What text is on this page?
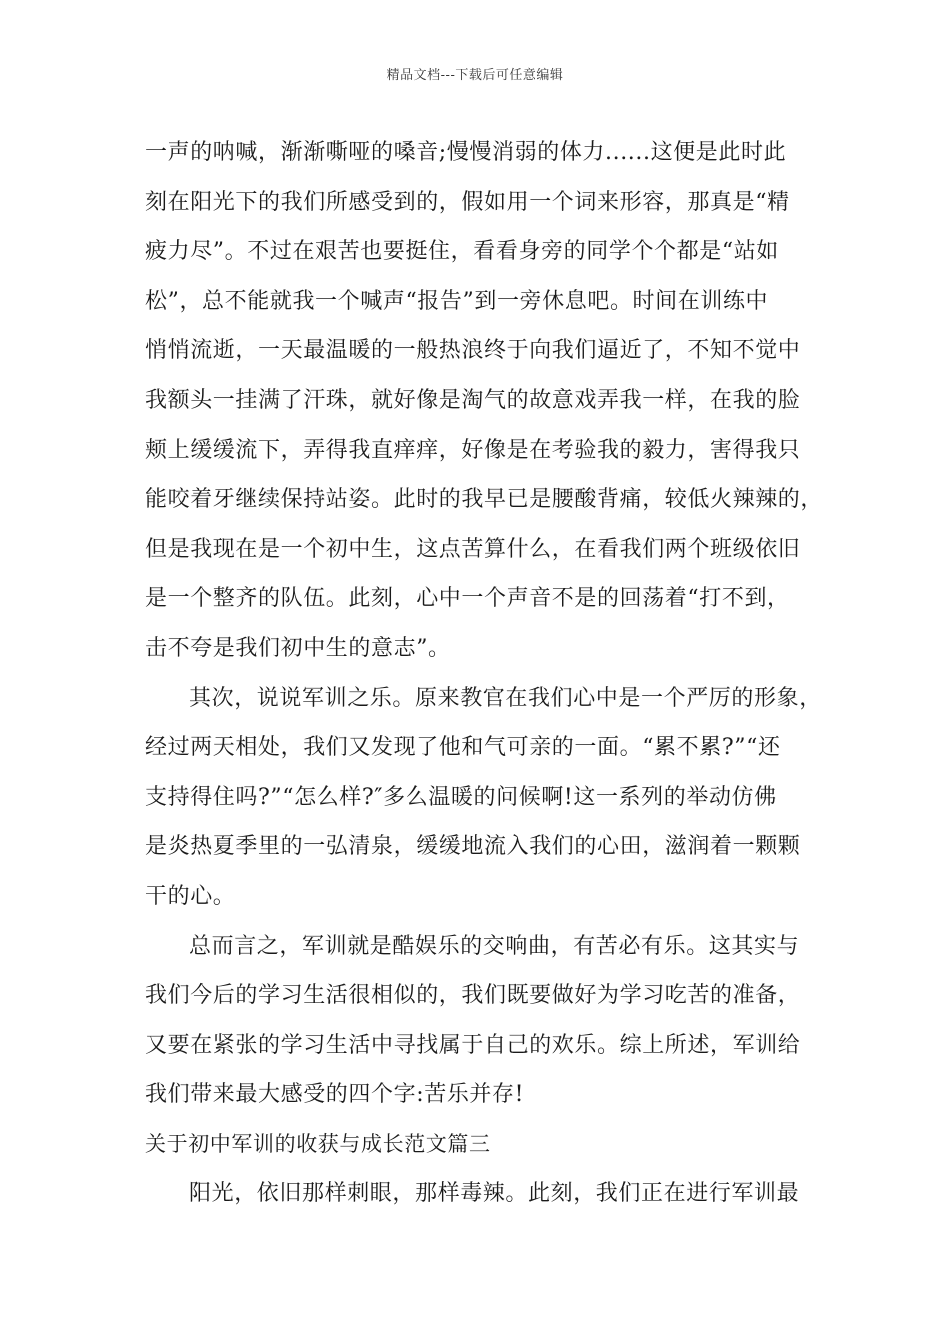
精品文档---下载后可任意编辑
一声的呐喊，渐渐嘶哑的嗓音;慢慢消弱的体力......这便是此时此
刻在阳光下的我们所感受到的，假如用一个词来形容，那真是“精
疲力尽”。不过在艰苦也要挺住，看看身旁的同学个个都是“站如
松”，总不能就我一个喊声“报告”到一旁休息吧。时间在训练中
悄悄流逝，一天最温暖的一般热浪终于向我们逼近了，不知不觉中
我额头一挂满了汗珠，就好像是淘气的故意戏弄我一样，在我的脸
颊上缓缓流下，弄得我直痒痒，好像是在考验我的毅力，害得我只
能咬着牙继续保持站姿。此时的我早已是腰酸背痛，较低火辣辣的，
但是我现在是一个初中生，这点苦算什么，在看我们两个班级依旧
是一个整齐的队伍。此刻，心中一个声音不是的回荡着“打不到，
击不夸是我们初中生的意志”。
其次，说说军训之乐。原来教官在我们心中是一个严厉的形象，
经过两天相处，我们又发现了他和气可亲的一面。“累不累?”“还
支持得住吗?”“怎么样?″多么温暖的问候啊!这一系列的举动仿佛
是炎热夏季里的一弘清泉，缓缓地流入我们的心田，滋润着一颗颗
干的心。
总而言之，军训就是酷娱乐的交响曲，有苦必有乐。这其实与
我们今后的学习生活很相似的，我们既要做好为学习吃苦的准备，
又要在紧张的学习生活中寻找属于自己的欢乐。综上所述，军训给
我们带来最大感受的四个字:苦乐并存!
关于初中军训的收获与成长范文篇三
阳光，依旧那样刺眼，那样毒辣。此刻，我们正在进行军训最
